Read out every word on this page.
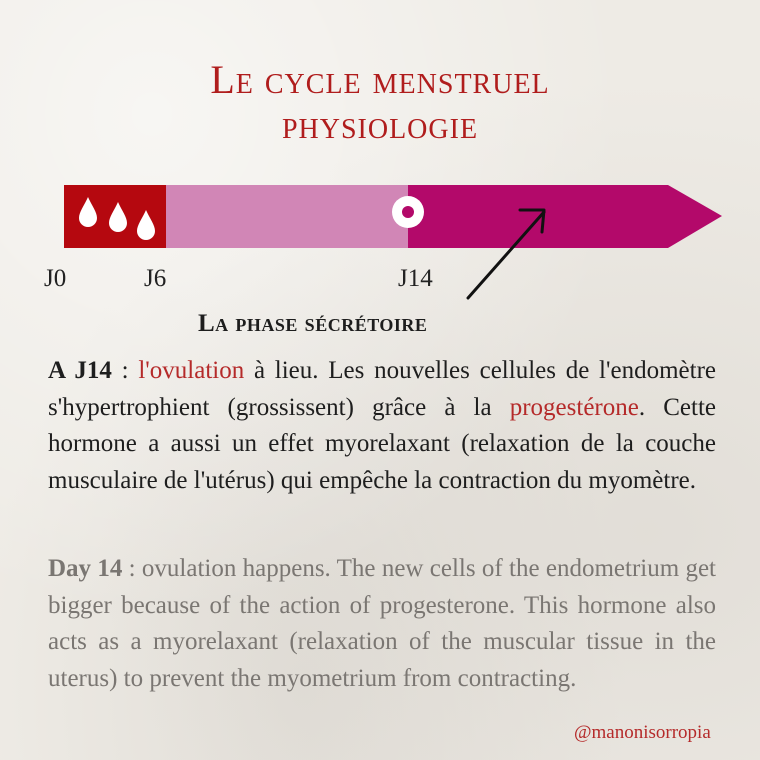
Le cycle menstruel
physiologie
J0	J6	J14
La phase sécrétoire

A J14 : l'ovulation à lieu. Les nouvelles cellules de l'endomètre s'hypertrophient (grossissent) grâce à la progestérone. Cette hormone a aussi un effet myorelaxant (relaxation de la couche musculaire de l'utérus) qui empêche la contraction du myomètre.

Day 14 : ovulation happens. The new cells of the endometrium get bigger because of the action of progesterone. This hormone also acts as a myorelaxant (relaxation of the muscular tissue in the uterus) to prevent the myometrium from contracting.

@manonisorropia
